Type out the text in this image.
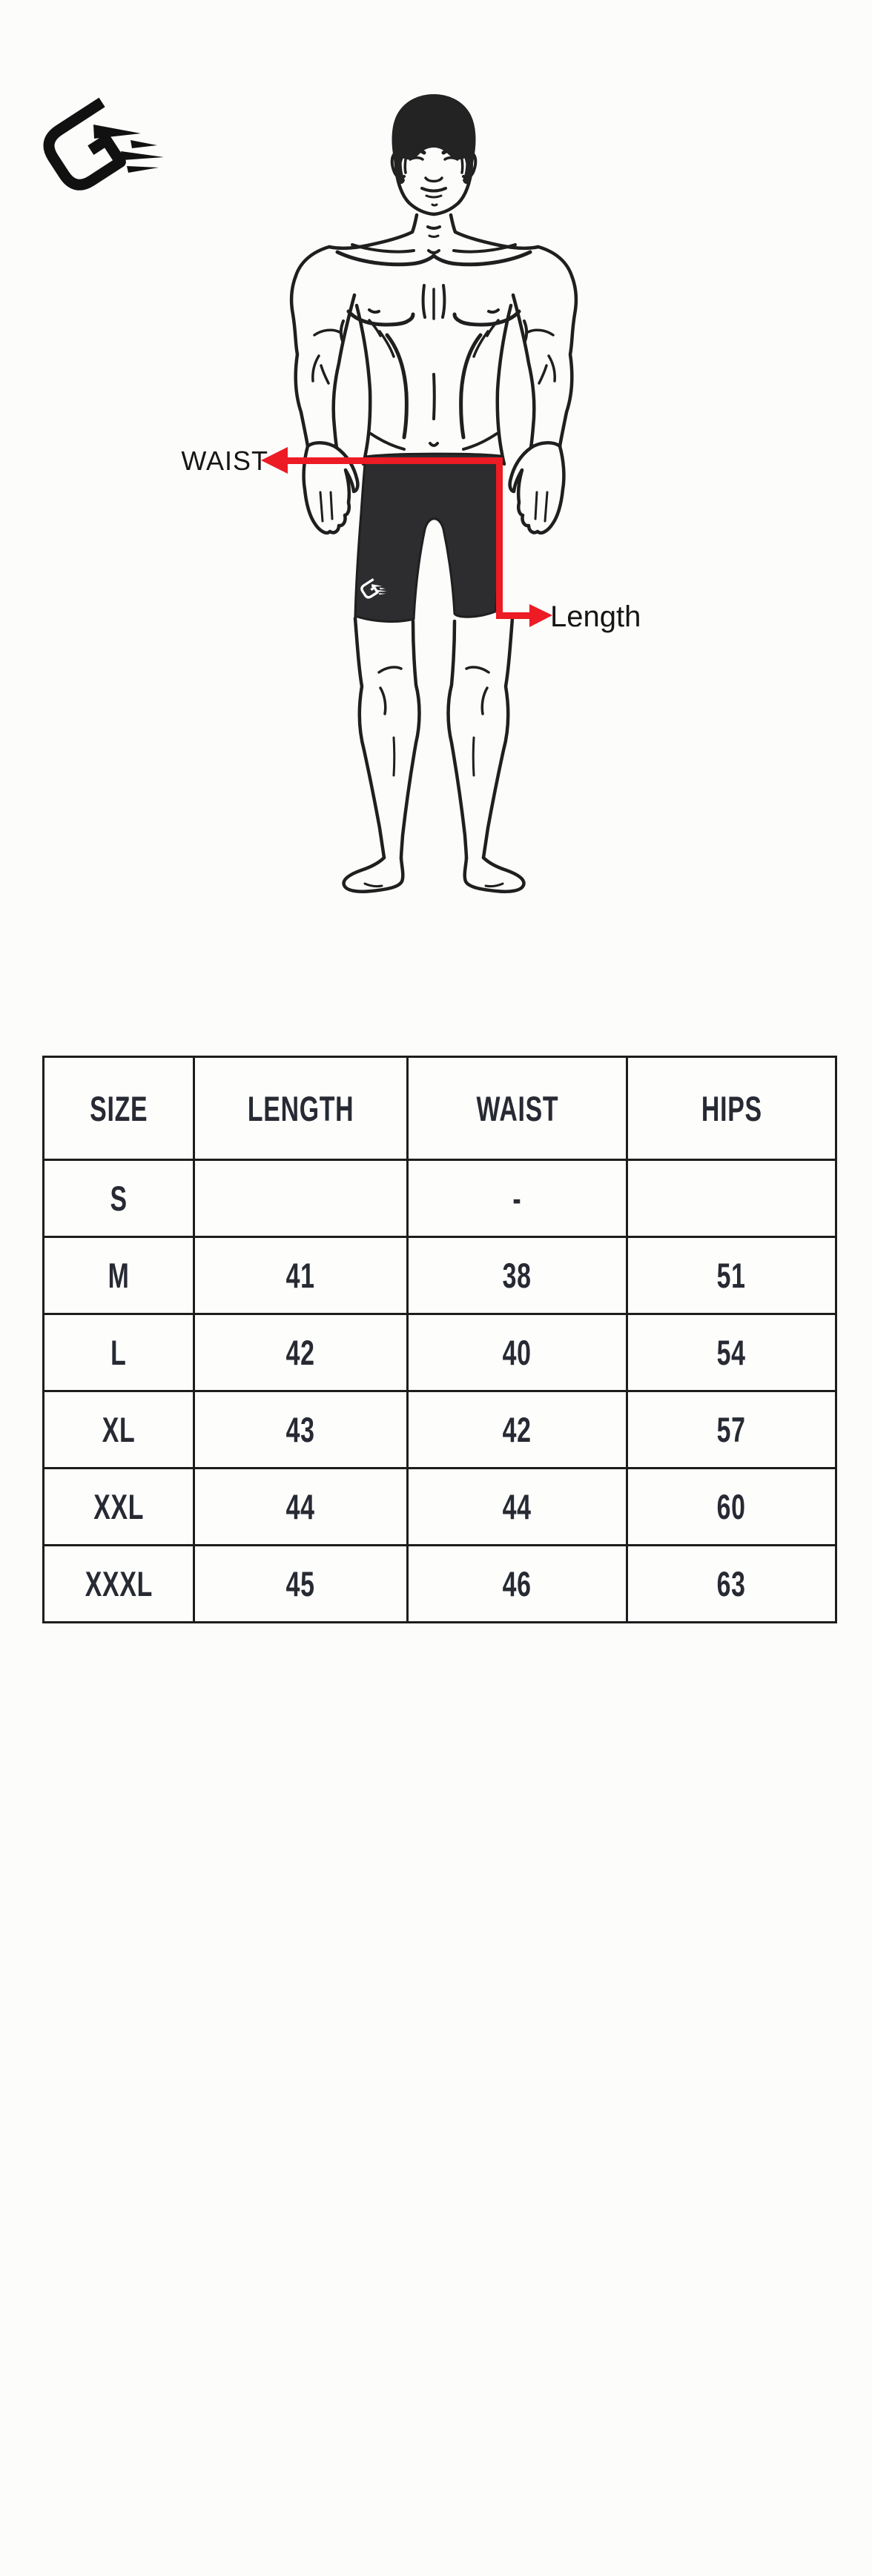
WAIST
Length
SIZE	LENGTH	WAIST	HIPS
S		-	
M	41	38	51
L	42	40	54
XL	43	42	57
XXL	44	44	60
XXXL	45	46	63
